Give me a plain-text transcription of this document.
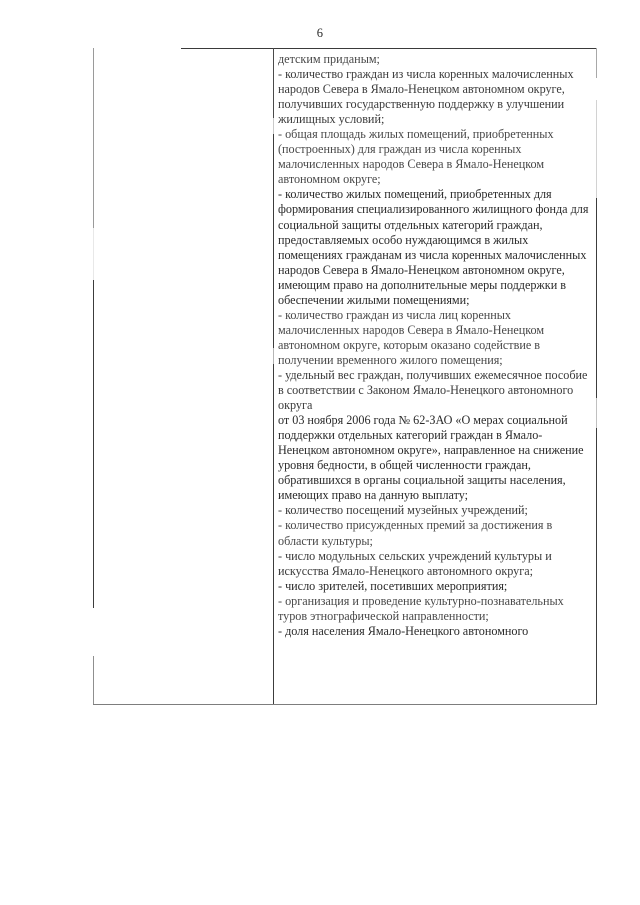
6

детским приданым;

- количество граждан из числа коренных малочисленных народов Севера в Ямало-Ненецком автономном округе, получивших государственную поддержку в улучшении жилищных условий;

- общая площадь жилых помещений, приобретенных (построенных) для граждан из числа коренных малочисленных народов Севера в Ямало-Ненецком автономном округе;

- количество жилых помещений, приобретенных для формирования специализированного жилищного фонда для социальной защиты отдельных категорий граждан, предоставляемых особо нуждающимся в жилых помещениях гражданам из числа коренных малочисленных народов Севера в Ямало-Ненецком автономном округе, имеющим право на дополнительные меры поддержки в обеспечении жилыми помещениями;

- количество граждан из числа лиц коренных малочисленных народов Севера в Ямало-Ненецком автономном округе, которым оказано содействие в получении временного жилого помещения;

- удельный вес граждан, получивших ежемесячное пособие в соответствии с Законом Ямало-Ненецкого автономного округа

от 03 ноября 2006 года № 62-ЗАО «О мерах социальной поддержки отдельных категорий граждан в Ямало-Ненецком автономном округе», направленное на снижение уровня бедности, в общей численности граждан, обратившихся в органы социальной защиты населения, имеющих право на данную выплату;

- количество посещений музейных учреждений;

- количество присужденных премий за достижения в области культуры;

- число модульных сельских учреждений культуры и искусства Ямало-Ненецкого автономного округа;

- число зрителей, посетивших мероприятия;

- организация и проведение культурно-познавательных туров этнографической направленности;

- доля населения Ямало-Ненецкого автономного
